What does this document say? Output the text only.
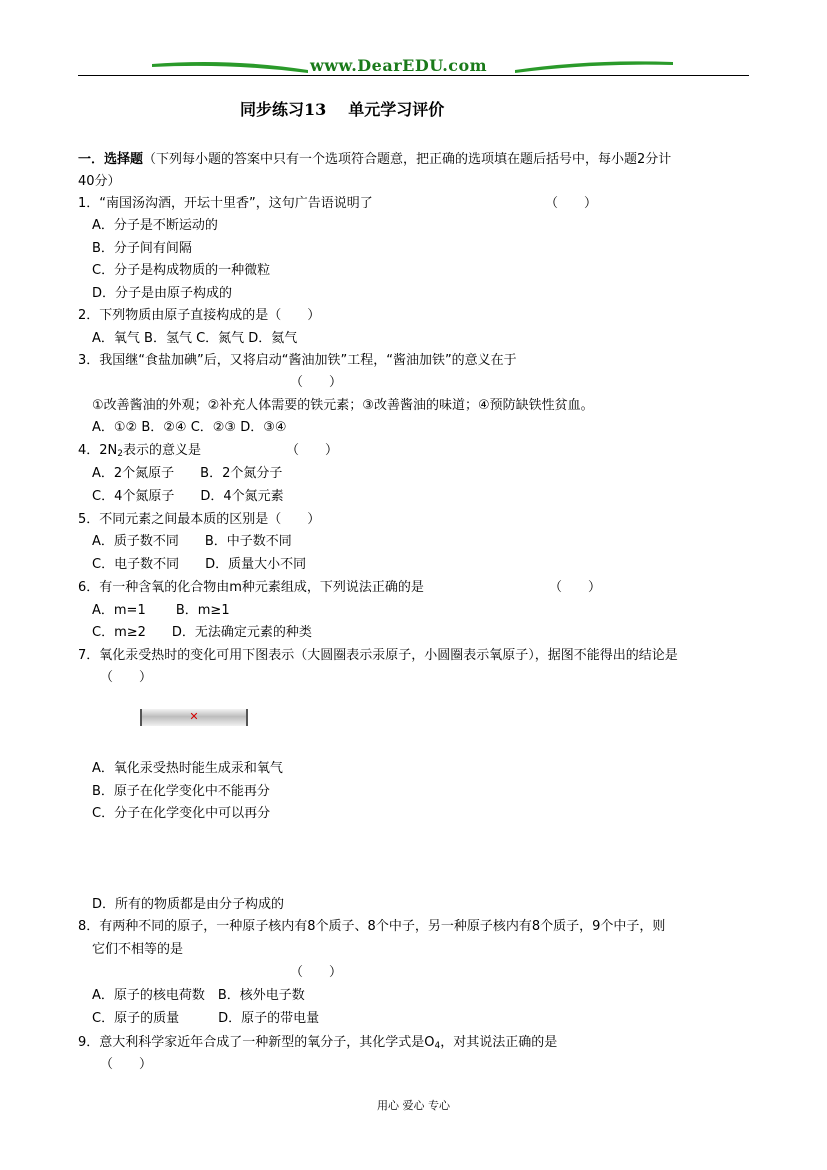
www.DearEDU.com
同步练习13 单元学习评价
一．选择题（下列每小题的答案中只有一个选项符合题意，把正确的选项填在题后括号中，每小题2分计
40分）
1．“南国汤沟酒，开坛十里香”，这句广告语说明了	（　　）
A．分子是不断运动的
B．分子间有间隔
C．分子是构成物质的一种微粒
D．分子是由原子构成的
2．下列物质由原子直接构成的是（　　）
A．氧气 B．氢气 C．氮气 D．氦气
3．我国继“食盐加碘”后，又将启动“酱油加铁”工程，“酱油加铁”的意义在于
（　　）
①改善酱油的外观；②补充人体需要的铁元素；③改善酱油的味道；④预防缺铁性贫血。
A．①② B．②④ C．②③ D．③④
4．$2N_2$表示的意义是	（　　）
A．2个氮原子　　B．2个氮分子
C．4个氮原子　　D．4个氮元素
5．不同元素之间最本质的区别是（　　）
A．质子数不同　　B．中子数不同
C．电子数不同　　D．质量大小不同
6．有一种含氧的化合物由m种元素组成，下列说法正确的是	（　　）
A．m=1　　 B．m≥1
C．m≥2　　D．无法确定元素的种类
7．氧化汞受热时的变化可用下图表示（大圆圈表示汞原子，小圆圈表示氧原子），据图不能得出的结论是
（　　）
✕
A．氧化汞受热时能生成汞和氧气
B．原子在化学变化中不能再分
C．分子在化学变化中可以再分
D．所有的物质都是由分子构成的
8．有两种不同的原子，一种原子核内有8个质子、8个中子，另一种原子核内有8个质子，9个中子，则
它们不相等的是
（　　）
A．原子的核电荷数　B．核外电子数
C．原子的质量　　　D．原子的带电量
9．意大利科学家近年合成了一种新型的氧分子，其化学式是$O_4$，对其说法正确的是
（　　）
用心 爱心 专心
